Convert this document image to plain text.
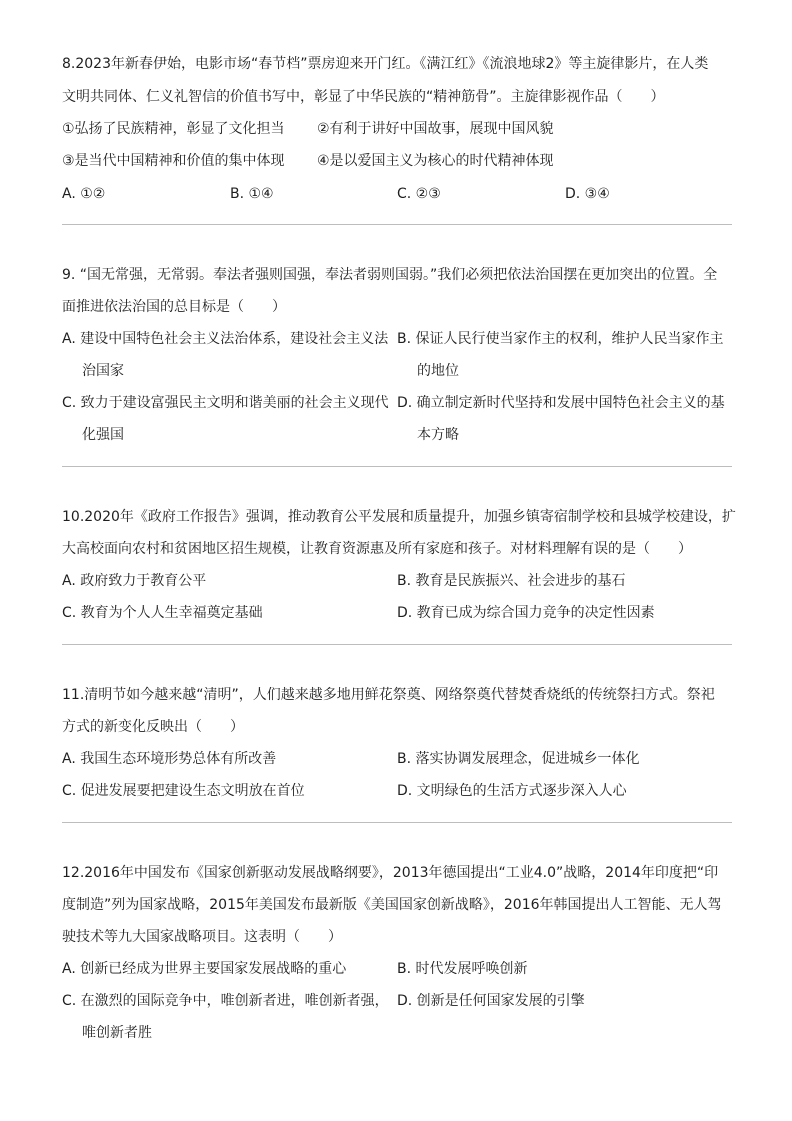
8.2023年新春伊始，电影市场“春节档”票房迎来开门红。《满江红》《流浪地球2》等主旋律影片，在人类
文明共同体、仁义礼智信的价值书写中，彰显了中华民族的“精神筋骨”。主旋律影视作品（　　）
①弘扬了民族精神，彰显了文化担当 ②有利于讲好中国故事，展现中国风貌
③是当代中国精神和价值的集中体现 ④是以爱国主义为核心的时代精神体现
A. ①②	B. ①④	C. ②③	D. ③④
9. “国无常强，无常弱。奉法者强则国强，奉法者弱则国弱。”我们必须把依法治国摆在更加突出的位置。全
面推进依法治国的总目标是（　　）
A. 建设中国特色社会主义法治体系，建设社会主义法
治国家
B. 保证人民行使当家作主的权利，维护人民当家作主
的地位
C. 致力于建设富强民主文明和谐美丽的社会主义现代
化强国
D. 确立制定新时代坚持和发展中国特色社会主义的基
本方略
10.2020年《政府工作报告》强调，推动教育公平发展和质量提升，加强乡镇寄宿制学校和县城学校建设，扩
大高校面向农村和贫困地区招生规模，让教育资源惠及所有家庭和孩子。对材料理解有误的是（　　）
A. 政府致力于教育公平	B. 教育是民族振兴、社会进步的基石
C. 教育为个人人生幸福奠定基础	D. 教育已成为综合国力竞争的决定性因素
11.清明节如今越来越“清明”，人们越来越多地用鲜花祭奠、网络祭奠代替焚香烧纸的传统祭扫方式。祭祀
方式的新变化反映出（　　）
A. 我国生态环境形势总体有所改善	B. 落实协调发展理念，促进城乡一体化
C. 促进发展要把建设生态文明放在首位	D. 文明绿色的生活方式逐步深入人心
12.2016年中国发布《国家创新驱动发展战略纲要》，2013年德国提出“工业4.0”战略，2014年印度把“印
度制造”列为国家战略，2015年美国发布最新版《美国国家创新战略》，2016年韩国提出人工智能、无人驾
驶技术等九大国家战略项目。这表明（　　）
A. 创新已经成为世界主要国家发展战略的重心	B. 时代发展呼唤创新
C. 在激烈的国际竞争中，唯创新者进，唯创新者强，
唯创新者胜
D. 创新是任何国家发展的引擎
